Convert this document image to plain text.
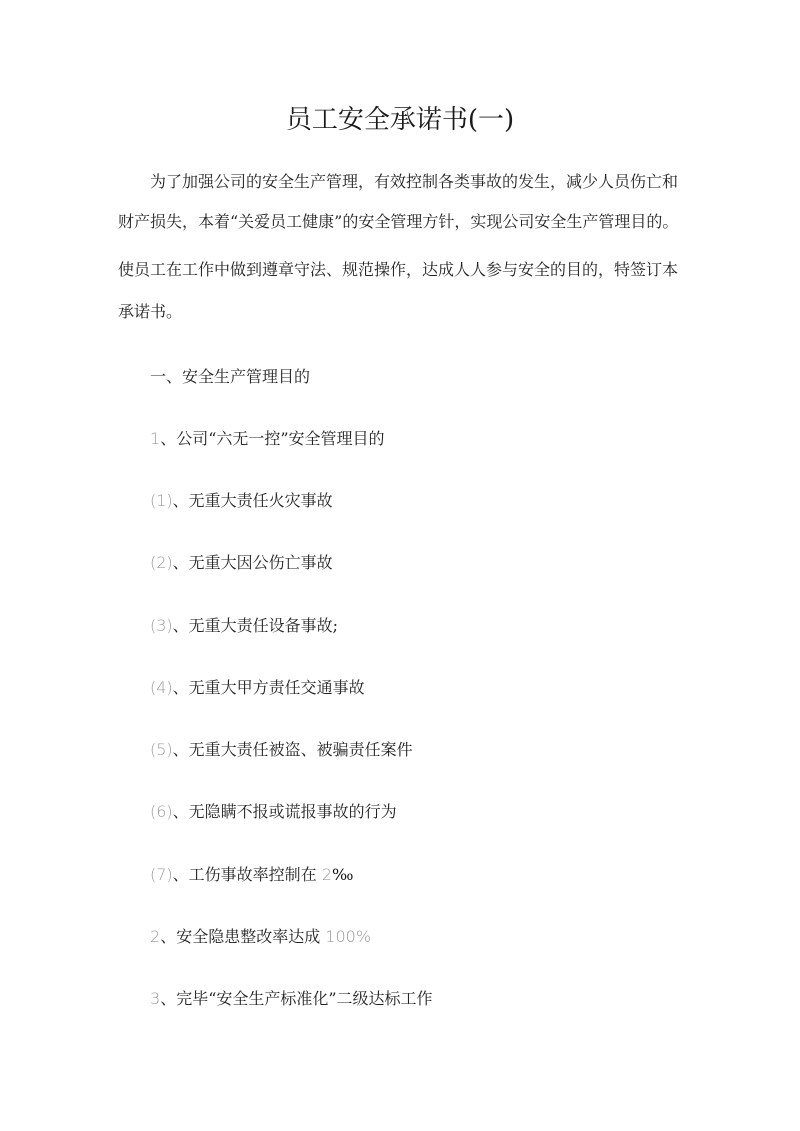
员工安全承诺书(一)
为了加强公司的安全生产管理，有效控制各类事故的发生，减少人员伤亡和
财产损失，本着“关爱员工健康”的安全管理方针，实现公司安全生产管理目的。
使员工在工作中做到遵章守法、规范操作，达成人人参与安全的目的，特签订本
承诺书。
一、安全生产管理目的
1、公司“六无一控”安全管理目的
(1)、无重大责任火灾事故
(2)、无重大因公伤亡事故
(3)、无重大责任设备事故;
(4)、无重大甲方责任交通事故
(5)、无重大责任被盗、被骗责任案件
(6)、无隐瞒不报或谎报事故的行为
(7)、工伤事故率控制在 2‰
2、安全隐患整改率达成 100%
3、完毕“安全生产标准化”二级达标工作
